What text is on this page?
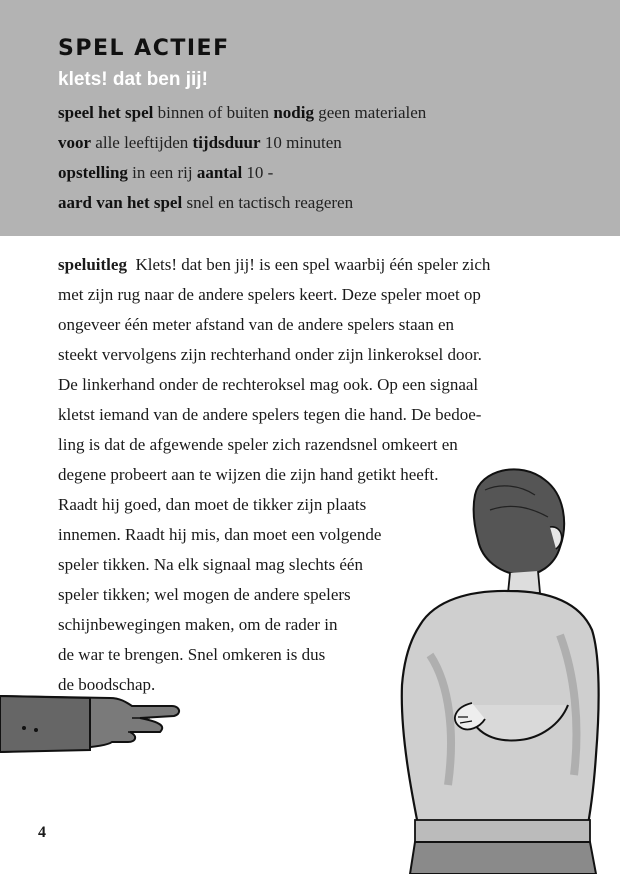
SPEL ACTIEF
klets! dat ben jij!
speel het spel binnen of buiten nodig geen materialen
voor alle leeftijden tijdsduur 10 minuten
opstelling in een rij aantal 10 -
aard van het spel snel en tactisch reageren
speluitleg Klets! dat ben jij! is een spel waarbij één speler zich
met zijn rug naar de andere spelers keert. Deze speler moet op
ongeveer één meter afstand van de andere spelers staan en
steekt vervolgens zijn rechterhand onder zijn linkeroksel door.
De linkerhand onder de rechteroksel mag ook. Op een signaal
kletst iemand van de andere spelers tegen die hand. De bedoe-
ling is dat de afgewende speler zich razendsnel omkeert en
degene probeert aan te wijzen die zijn hand getikt heeft.
Raadt hij goed, dan moet de tikker zijn plaats
innemen. Raadt hij mis, dan moet een volgende
speler tikken. Na elk signaal mag slechts één
speler tikken; wel mogen de andere spelers
schijnbewegingen maken, om de rader in
de war te brengen. Snel omkeren is dus
de boodschap.
4
